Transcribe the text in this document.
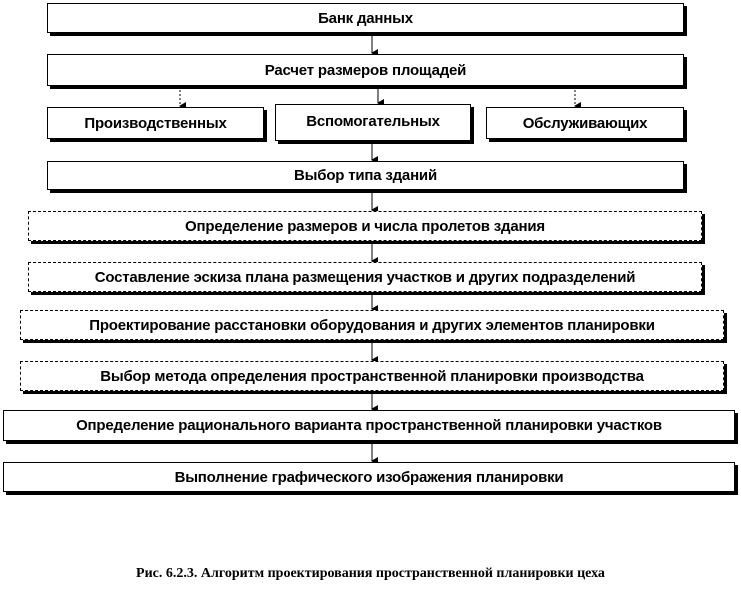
Банк данных
Расчет размеров площадей
Производственных	Вспомогательных	Обслуживающих
Выбор типа зданий
Определение размеров и числа пролетов здания
Составление эскиза плана размещения участков и других подразделений
Проектирование расстановки оборудования и других элементов планировки
Выбор метода определения пространственной планировки производства
Определение рационального варианта пространственной планировки участков
Выполнение графического изображения планировки
Рис. 6.2.3. Алгоритм проектирования пространственной планировки цеха
